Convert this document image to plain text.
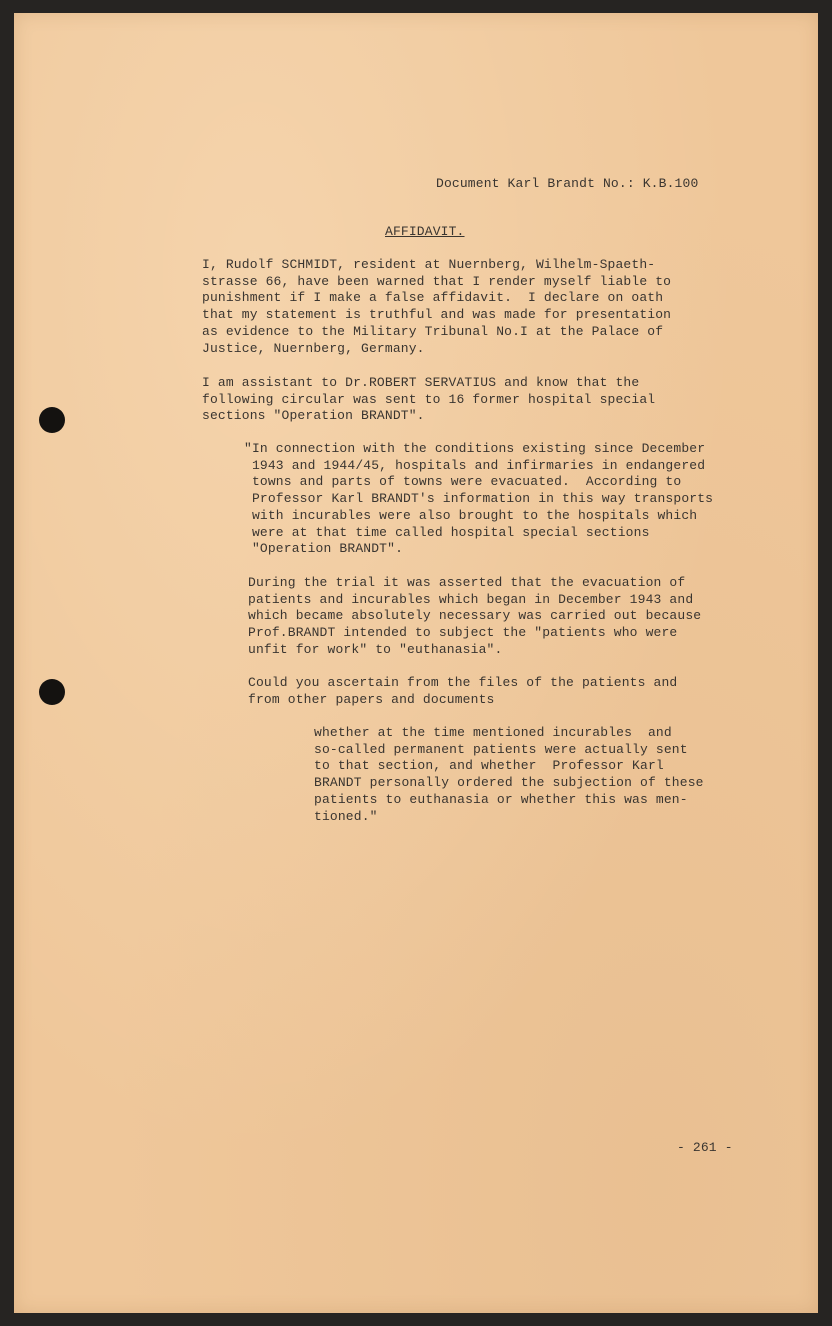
Document Karl Brandt No.: K.B.100

AFFIDAVIT.

I, Rudolf SCHMIDT, resident at Nuernberg, Wilhelm-Spaeth-
strasse 66, have been warned that I render myself liable to
punishment if I make a false affidavit.  I declare on oath
that my statement is truthful and was made for presentation
as evidence to the Military Tribunal No.I at the Palace of
Justice, Nuernberg, Germany.

I am assistant to Dr.ROBERT SERVATIUS and know that the
following circular was sent to 16 former hospital special
sections "Operation BRANDT".

"In connection with the conditions existing since December
1943 and 1944/45, hospitals and infirmaries in endangered
towns and parts of towns were evacuated.  According to
Professor Karl BRANDT's information in this way transports
with incurables were also brought to the hospitals which
were at that time called hospital special sections
"Operation BRANDT".

During the trial it was asserted that the evacuation of
patients and incurables which began in December 1943 and
which became absolutely necessary was carried out because
Prof.BRANDT intended to subject the "patients who were
unfit for work" to "euthanasia".

Could you ascertain from the files of the patients and
from other papers and documents

whether at the time mentioned incurables  and
so-called permanent patients were actually sent
to that section, and whether  Professor Karl
BRANDT personally ordered the subjection of these
patients to euthanasia or whether this was men-
tioned."

- 261 -
